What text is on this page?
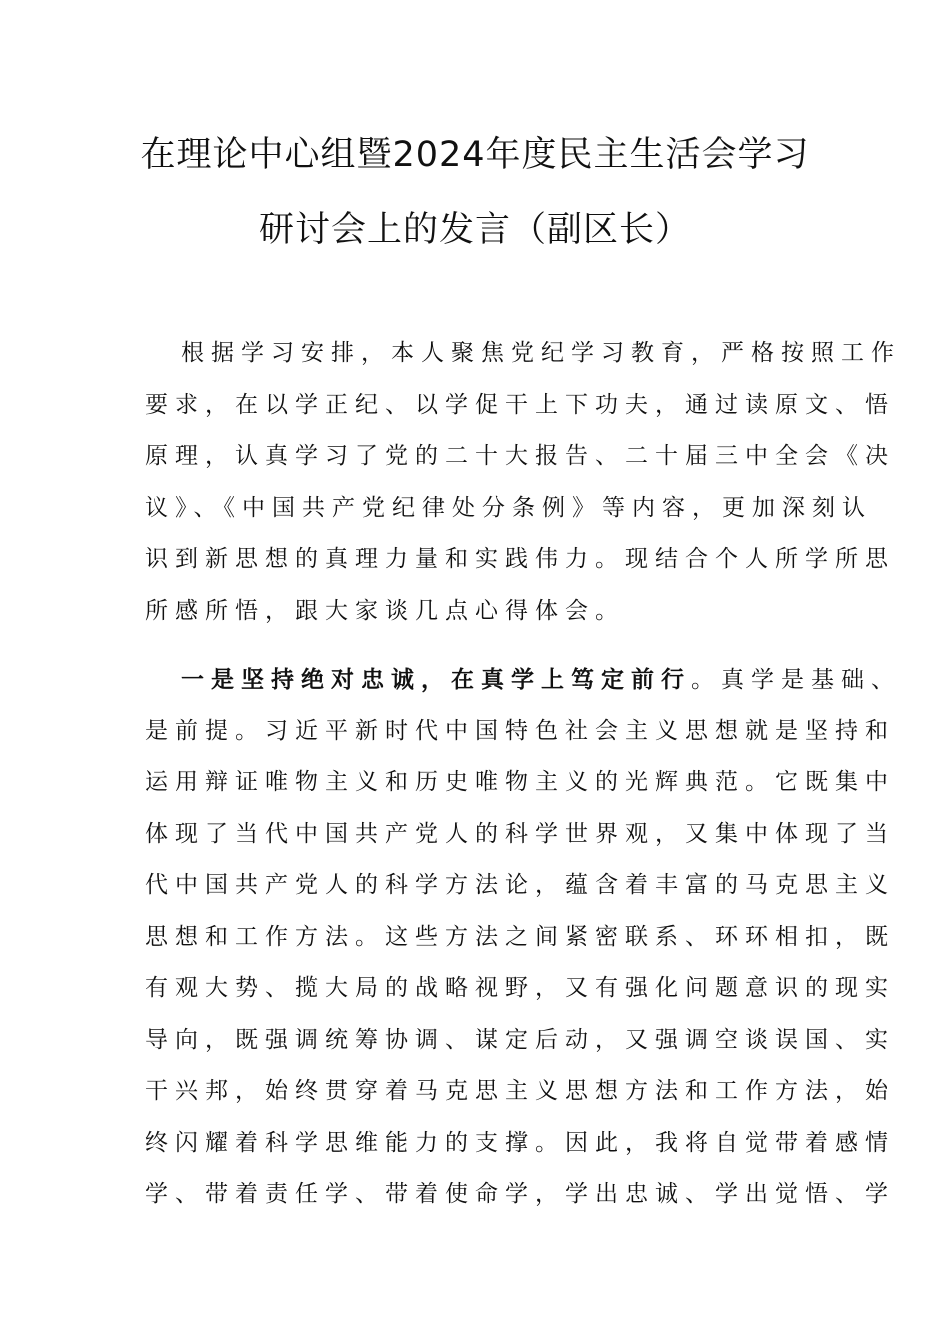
在理论中心组暨2024年度民主生活会学习
研讨会上的发言（副区长）
根据学习安排，本人聚焦党纪学习教育，严格按照工作
要求，在以学正纪、以学促干上下功夫，通过读原文、悟
原理，认真学习了党的二十大报告、二十届三中全会《决
议》、《中国共产党纪律处分条例》等内容，更加深刻认
识到新思想的真理力量和实践伟力。现结合个人所学所思
所感所悟，跟大家谈几点心得体会。
一是坚持绝对忠诚，在真学上笃定前行。真学是基础、
是前提。习近平新时代中国特色社会主义思想就是坚持和
运用辩证唯物主义和历史唯物主义的光辉典范。它既集中
体现了当代中国共产党人的科学世界观，又集中体现了当
代中国共产党人的科学方法论，蕴含着丰富的马克思主义
思想和工作方法。这些方法之间紧密联系、环环相扣，既
有观大势、揽大局的战略视野，又有强化问题意识的现实
导向，既强调统筹协调、谋定后动，又强调空谈误国、实
干兴邦，始终贯穿着马克思主义思想方法和工作方法，始
终闪耀着科学思维能力的支撑。因此，我将自觉带着感情
学、带着责任学、带着使命学，学出忠诚、学出觉悟、学
